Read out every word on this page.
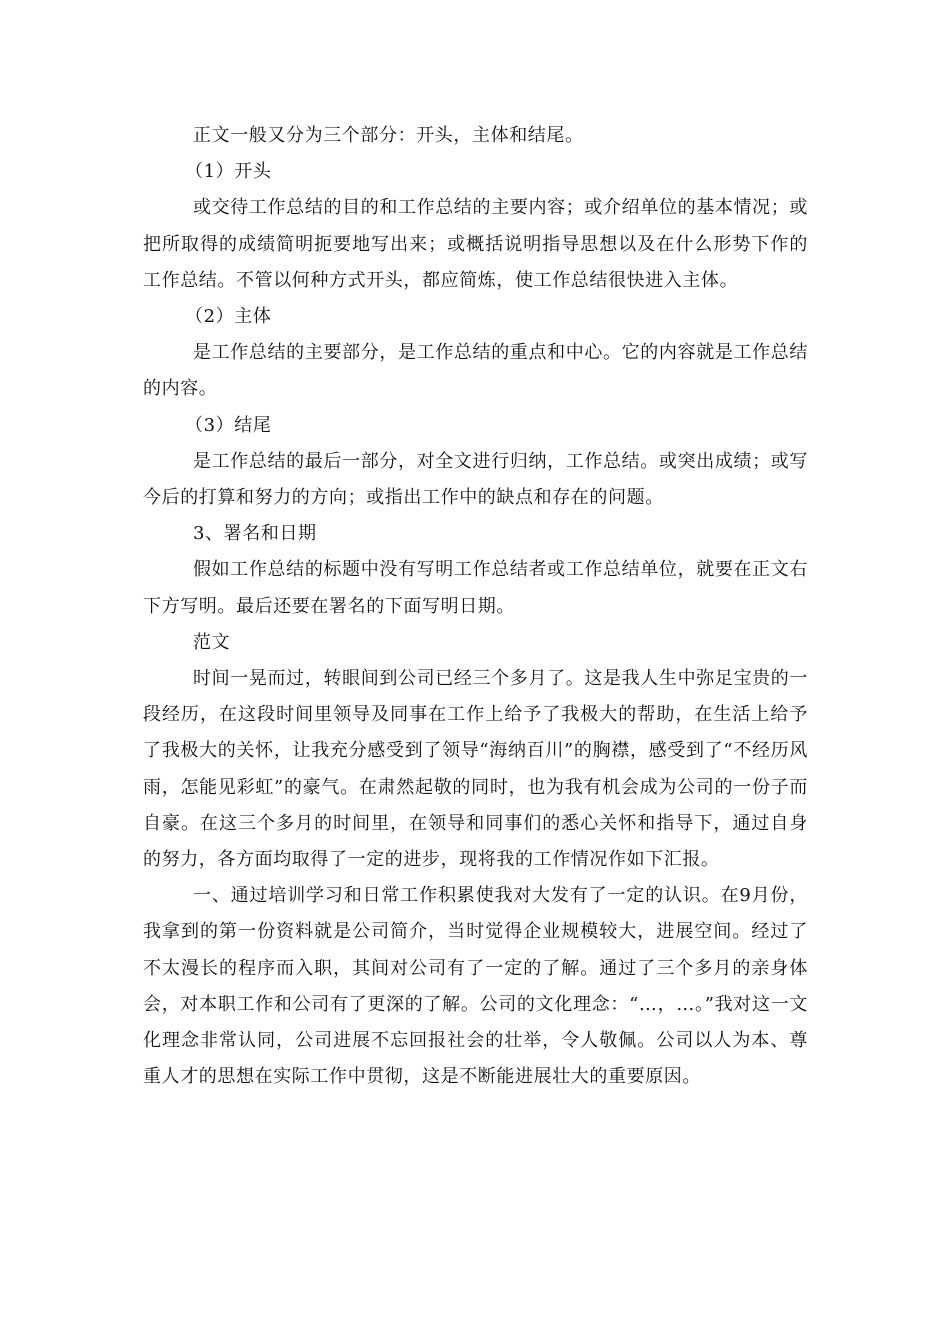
正文一般又分为三个部分：开头，主体和结尾。

（1）开头

或交待工作总结的目的和工作总结的主要内容；或介绍单位的基本情况；或把所取得的成绩简明扼要地写出来；或概括说明指导思想以及在什么形势下作的工作总结。不管以何种方式开头，都应简炼，使工作总结很快进入主体。

（2）主体

是工作总结的主要部分，是工作总结的重点和中心。它的内容就是工作总结的内容。

（3）结尾

是工作总结的最后一部分，对全文进行归纳，工作总结。或突出成绩；或写今后的打算和努力的方向；或指出工作中的缺点和存在的问题。

3、署名和日期

假如工作总结的标题中没有写明工作总结者或工作总结单位，就要在正文右下方写明。最后还要在署名的下面写明日期。

范文

时间一晃而过，转眼间到公司已经三个多月了。这是我人生中弥足宝贵的一段经历，在这段时间里领导及同事在工作上给予了我极大的帮助，在生活上给予了我极大的关怀，让我充分感受到了领导“海纳百川”的胸襟，感受到了“不经历风雨，怎能见彩虹”的豪气。在肃然起敬的同时，也为我有机会成为公司的一份子而自豪。在这三个多月的时间里，在领导和同事们的悉心关怀和指导下，通过自身的努力，各方面均取得了一定的进步，现将我的工作情况作如下汇报。

一、通过培训学习和日常工作积累使我对大发有了一定的认识。在9月份，我拿到的第一份资料就是公司简介，当时觉得企业规模较大，进展空间。经过了不太漫长的程序而入职，其间对公司有了一定的了解。通过了三个多月的亲身体会，对本职工作和公司有了更深的了解。公司的文化理念：“…，…。”我对这一文化理念非常认同，公司进展不忘回报社会的壮举，令人敬佩。公司以人为本、尊重人才的思想在实际工作中贯彻，这是不断能进展壮大的重要原因。
